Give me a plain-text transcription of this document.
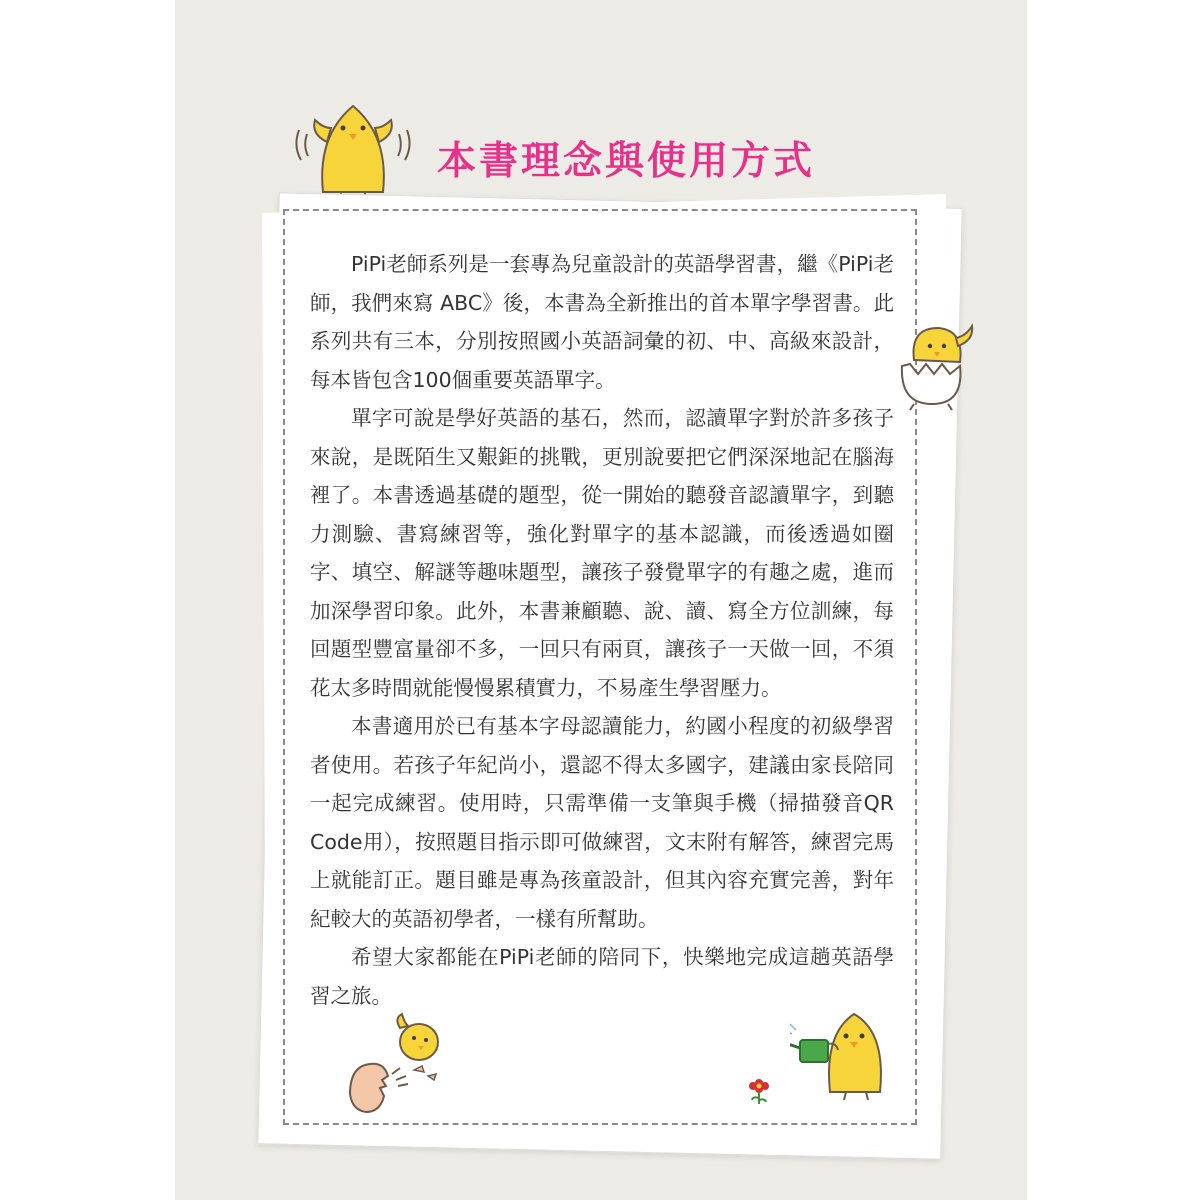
本書理念與使用方式

PiPi老師系列是一套專為兒童設計的英語學習書，繼《PiPi老師，我們來寫 ABC》後，本書為全新推出的首本單字學習書。此系列共有三本，分別按照國小英語詞彙的初、中、高級來設計，每本皆包含100個重要英語單字。

單字可說是學好英語的基石，然而，認讀單字對於許多孩子來說，是既陌生又艱鉅的挑戰，更別說要把它們深深地記在腦海裡了。本書透過基礎的題型，從一開始的聽發音認讀單字，到聽力測驗、書寫練習等，強化對單字的基本認識，而後透過如圈字、填空、解謎等趣味題型，讓孩子發覺單字的有趣之處，進而加深學習印象。此外，本書兼顧聽、說、讀、寫全方位訓練，每回題型豐富量卻不多，一回只有兩頁，讓孩子一天做一回，不須花太多時間就能慢慢累積實力，不易產生學習壓力。

本書適用於已有基本字母認讀能力，約國小程度的初級學習者使用。若孩子年紀尚小，還認不得太多國字，建議由家長陪同一起完成練習。使用時，只需準備一支筆與手機（掃描發音QR Code用），按照題目指示即可做練習，文末附有解答，練習完馬上就能訂正。題目雖是專為孩童設計，但其內容充實完善，對年紀較大的英語初學者，一樣有所幫助。

希望大家都能在PiPi老師的陪同下，快樂地完成這趟英語學習之旅。
